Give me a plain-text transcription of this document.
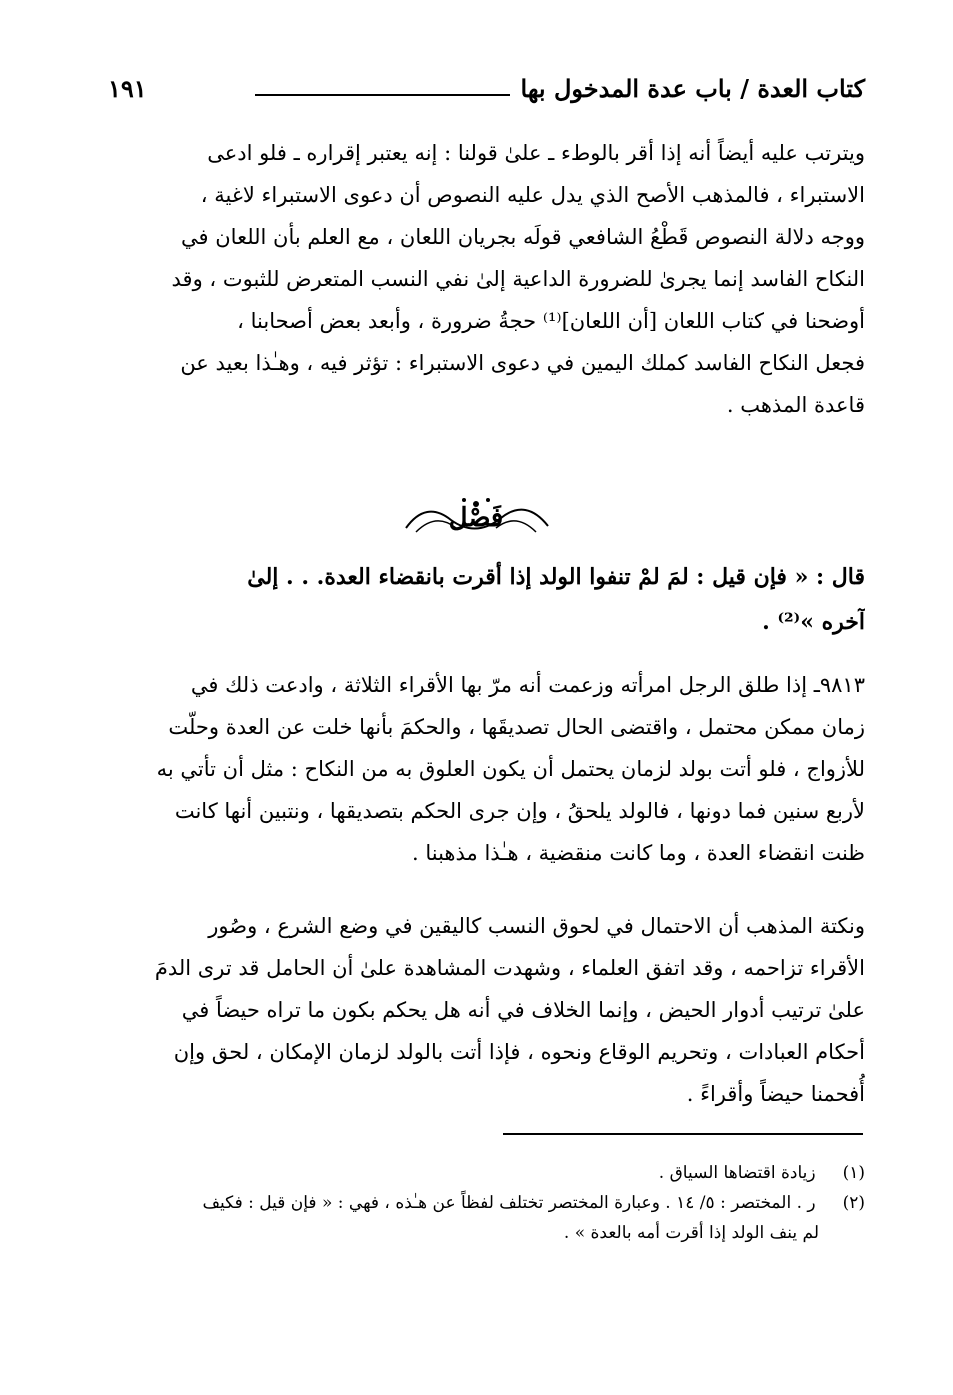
كتاب العدة / باب عدة المدخول بها
١٩١
ويترتب عليه أيضاً أنه إذا أقر بالوطء ـ علىٰ قولنا : إنه يعتبر إقراره ـ فلو ادعى
الاستبراء ، فالمذهب الأصح الذي يدل عليه النصوص أن دعوى الاستبراء لاغية ،
ووجه دلالة النصوص قَطْعُ الشافعي قولَه بجريان اللعان ، مع العلم بأن اللعان في
النكاح الفاسد إنما يجرىٰ للضرورة الداعية إلىٰ نفي النسب المتعرض للثبوت ، وقد
أوضحنا في كتاب اللعان [أن اللعان]⁽¹⁾ حجةُ ضرورة ، وأبعد بعض أصحابنا ،
فجعل النكاح الفاسد كملك اليمين في دعوى الاستبراء : تؤثر فيه ، وهـٰذا بعيد عن
قاعدة المذهب .
فَصْل
قال : « فإن قيل : لمَ لمْ تنفوا الولد إذا أقرت بانقضاء العدة. . . إلىٰ
آخره »⁽²⁾ .
٩٨١٣ـ إذا طلق الرجل امرأته وزعمت أنه مرّ بها الأقراء الثلاثة ، وادعت ذلك في
زمان ممكن محتمل ، واقتضى الحال تصديقَها ، والحكمَ بأنها خلت عن العدة وحلّت
للأزواج ، فلو أتت بولد لزمان يحتمل أن يكون العلوق به من النكاح : مثل أن تأتي به
لأربع سنين فما دونها ، فالولد يلحقُ ، وإن جرى الحكم بتصديقها ، ونتبين أنها كانت
ظنت انقضاء العدة ، وما كانت منقضية ، هـٰذا مذهبنا .
ونكتة المذهب أن الاحتمال في لحوق النسب كاليقين في وضع الشرع ، وصُور
الأقراء تزاحمه ، وقد اتفق العلماء ، وشهدت المشاهدة علىٰ أن الحامل قد ترى الدمَ
علىٰ ترتيب أدوار الحيض ، وإنما الخلاف في أنه هل يحكم بكون ما تراه حيضاً في
أحكام العبادات ، وتحريم الوقاع ونحوه ، فإذا أتت بالولد لزمان الإمكان ، لحق وإن
أُفحمنا حيضاً وأقراءً .
(١) زيادة اقتضاها السياق .
(٢) ر . المختصر : ٥/ ١٤ . وعبارة المختصر تختلف لفظاً عن هـٰذه ، فهي : « فإن قيل : فكيف
لم ينف الولد إذا أقرت أمه بالعدة » .
